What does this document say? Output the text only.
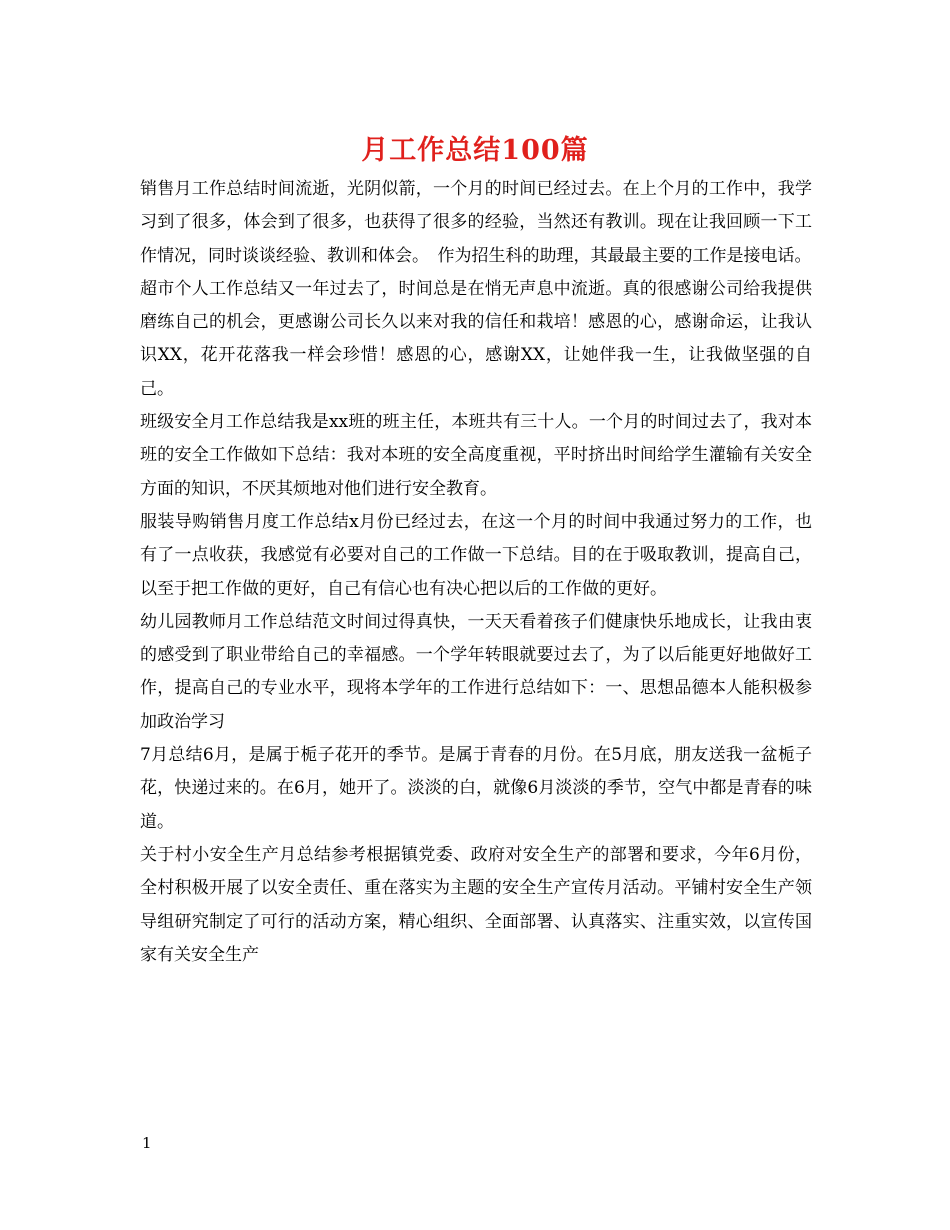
月工作总结100篇

销售月工作总结时间流逝，光阴似箭，一个月的时间已经过去。在上个月的工作中，我学习到了很多，体会到了很多，也获得了很多的经验，当然还有教训。现在让我回顾一下工作情况，同时谈谈经验、教训和体会。　作为招生科的助理，其最最主要的工作是接电话。

超市个人工作总结又一年过去了，时间总是在悄无声息中流逝。真的很感谢公司给我提供磨练自己的机会，更感谢公司长久以来对我的信任和栽培！感恩的心，感谢命运，让我认识XX，花开花落我一样会珍惜！感恩的心，感谢XX，让她伴我一生，让我做坚强的自己。

班级安全月工作总结我是xx班的班主任，本班共有三十人。一个月的时间过去了，我对本班的安全工作做如下总结：我对本班的安全高度重视，平时挤出时间给学生灌输有关安全方面的知识，不厌其烦地对他们进行安全教育。

服装导购销售月度工作总结x月份已经过去，在这一个月的时间中我通过努力的工作，也有了一点收获，我感觉有必要对自己的工作做一下总结。目的在于吸取教训，提高自己，以至于把工作做的更好，自己有信心也有决心把以后的工作做的更好。

幼儿园教师月工作总结范文时间过得真快，一天天看着孩子们健康快乐地成长，让我由衷的感受到了职业带给自己的幸福感。一个学年转眼就要过去了，为了以后能更好地做好工作，提高自己的专业水平，现将本学年的工作进行总结如下：一、思想品德本人能积极参加政治学习

7月总结6月，是属于栀子花开的季节。是属于青春的月份。在5月底，朋友送我一盆栀子花，快递过来的。在6月，她开了。淡淡的白，就像6月淡淡的季节，空气中都是青春的味道。

关于村小安全生产月总结参考根据镇党委、政府对安全生产的部署和要求，今年6月份，全村积极开展了以安全责任、重在落实为主题的安全生产宣传月活动。平铺村安全生产领导组研究制定了可行的活动方案，精心组织、全面部署、认真落实、注重实效，以宣传国家有关安全生产

1
